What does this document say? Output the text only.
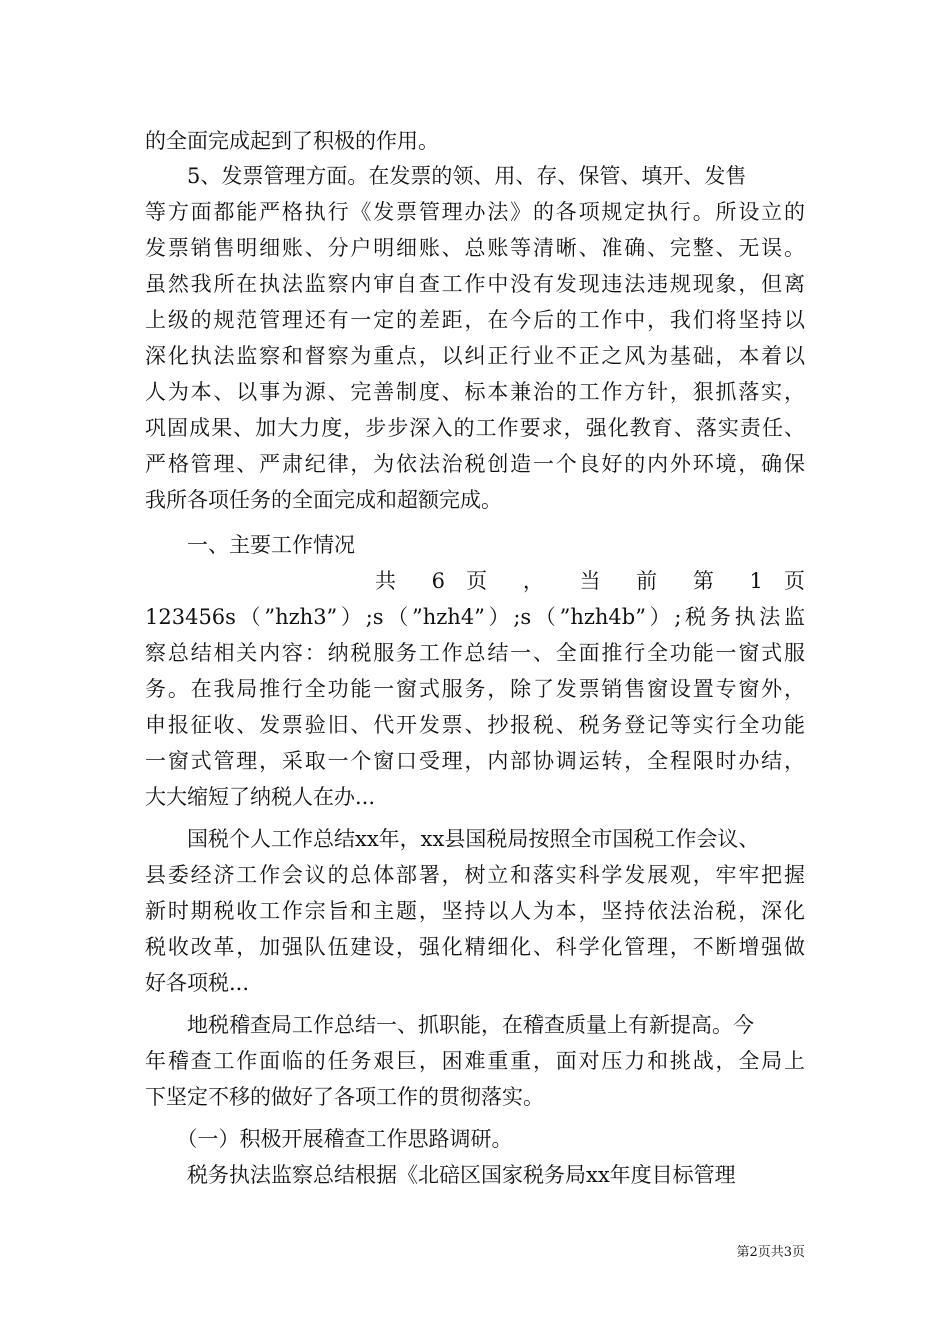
的全面完成起到了积极的作用。
　　5、发票管理方面。在发票的领、用、存、保管、填开、发售
等方面都能严格执行《发票管理办法》的各项规定执行。所设立的
发票销售明细账、分户明细账、总账等清晰、准确、完整、无误。
虽然我所在执法监察内审自查工作中没有发现违法违规现象，但离
上级的规范管理还有一定的差距，在今后的工作中，我们将坚持以
深化执法监察和督察为重点，以纠正行业不正之风为基础，本着以
人为本、以事为源、完善制度、标本兼治的工作方针，狠抓落实，
巩固成果、加大力度，步步深入的工作要求，强化教育、落实责任、
严格管理、严肃纪律，为依法治税创造一个良好的内外环境，确保
我所各项任务的全面完成和超额完成。
　　一、主要工作情况
共 6 页 ， 当 前 第 1 页
123456s（”hzh3”）;s（”hzh4”）;s（”hzh4b”）;税务执法监
察总结相关内容：纳税服务工作总结一、全面推行全功能一窗式服
务。在我局推行全功能一窗式服务，除了发票销售窗设置专窗外，
申报征收、发票验旧、代开发票、抄报税、税务登记等实行全功能
一窗式管理，采取一个窗口受理，内部协调运转，全程限时办结，
大大缩短了纳税人在办...
　　国税个人工作总结xx年，xx县国税局按照全市国税工作会议、
县委经济工作会议的总体部署，树立和落实科学发展观，牢牢把握
新时期税收工作宗旨和主题，坚持以人为本，坚持依法治税，深化
税收改革，加强队伍建设，强化精细化、科学化管理，不断增强做
好各项税...
　　地税稽查局工作总结一、抓职能，在稽查质量上有新提高。今
年稽查工作面临的任务艰巨，困难重重，面对压力和挑战，全局上
下坚定不移的做好了各项工作的贯彻落实。
　　（一）积极开展稽查工作思路调研。
　　税务执法监察总结根据《北碚区国家税务局xx年度目标管理
第2页共3页
